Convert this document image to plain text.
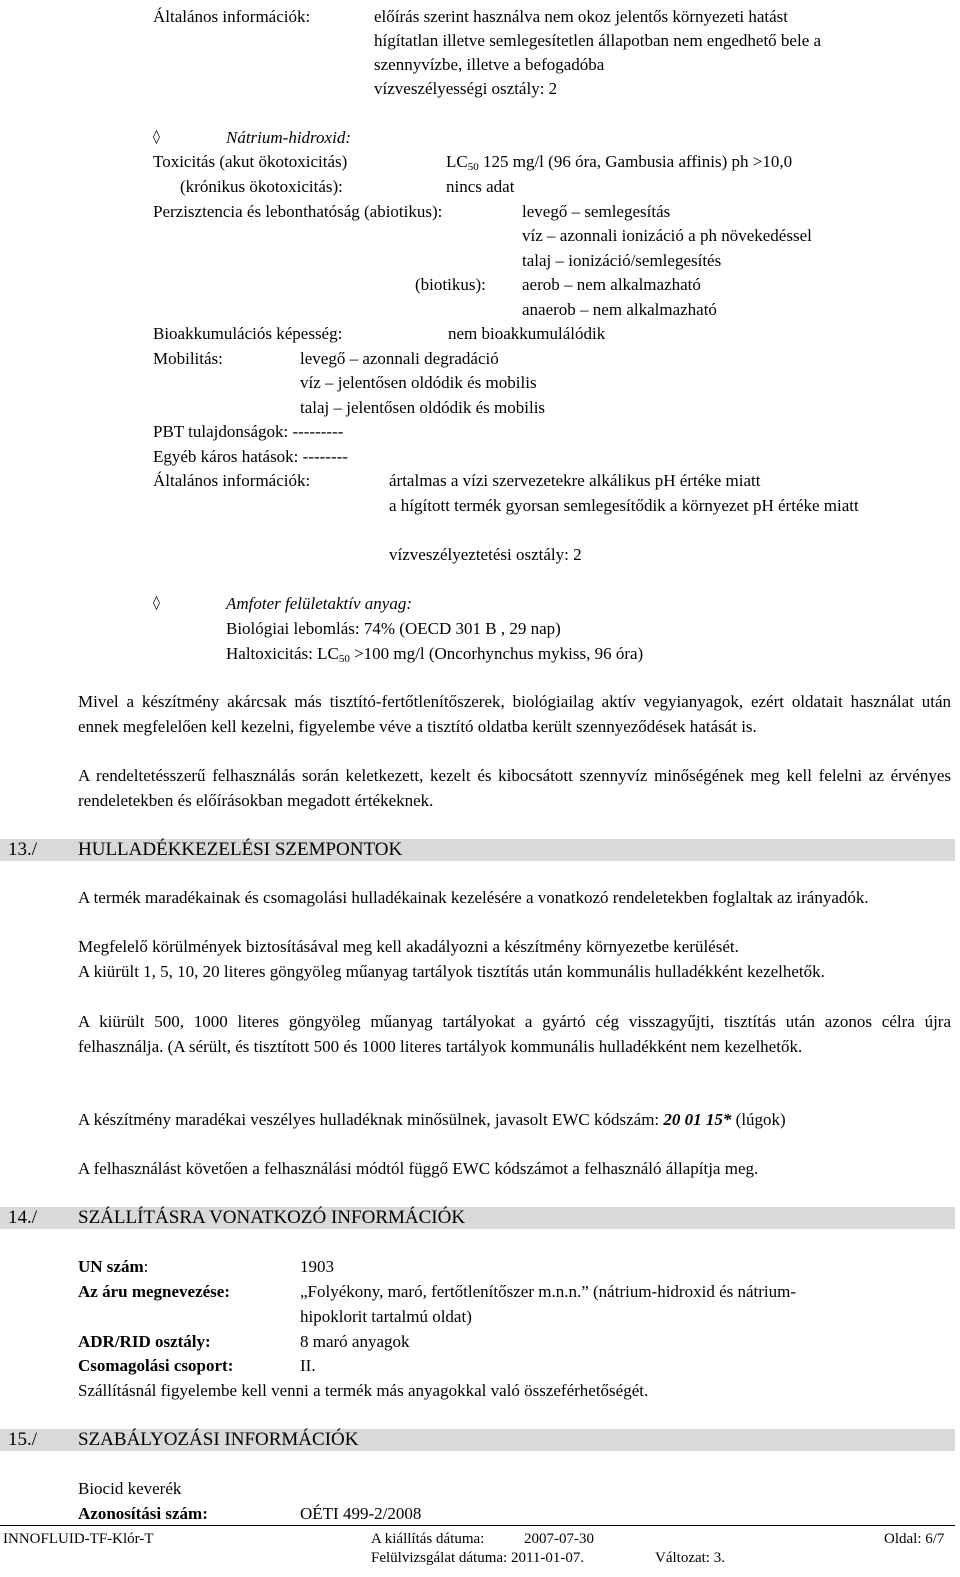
Általános információk:	előírás szerint használva nem okoz jelentős környezeti hatást
hígítatlan illetve semlegesítetlen állapotban nem engedhető bele a
szennyvízbe, illetve a befogadóba
vízveszélyességi osztály: 2
◊	Nátrium-hidroxid:
Toxicitás (akut ökotoxicitás)	$LC_{50}$ 125 mg/l (96 óra, Gambusia affinis) ph >10,0
(krónikus ökotoxicitás):	nincs adat
Perzisztencia és lebonthatóság (abiotikus):	levegő – semlegesítás
víz – azonnali ionizáció a ph növekedéssel
talaj – ionizáció/semlegesítés
(biotikus): aerob – nem alkalmazható
anaerob – nem alkalmazható
Bioakkumulációs képesség:	nem bioakkumulálódik
Mobilitás:	levegő – azonnali degradáció
víz – jelentősen oldódik és mobilis
talaj – jelentősen oldódik és mobilis
PBT tulajdonságok: ---------
Egyéb káros hatások: --------
Általános információk:	ártalmas a vízi szervezetekre alkálikus pH értéke miatt
a hígított termék gyorsan semlegesítődik a környezet pH értéke miatt
vízveszélyeztetési osztály: 2
◊	Amfoter felületaktív anyag:
Biológiai lebomlás: 74% (OECD 301 B , 29 nap)
Haltoxicitás: $LC_{50} >100$ mg/l (Oncorhynchus mykiss, 96 óra)
Mivel a készítmény akárcsak más tisztító-fertőtlenítőszerek, biológiailag aktív vegyianyagok, ezért oldatait használat után ennek megfelelően kell kezelni, figyelembe véve a tisztító oldatba került szennyeződések hatását is.
A rendeltetésszerű felhasználás során keletkezett, kezelt és kibocsátott szennyvíz minőségének meg kell felelni az érvényes rendeletekben és előírásokban megadott értékeknek.
13./ HULLADÉKKEZELÉSI SZEMPONTOK
A termék maradékainak és csomagolási hulladékainak kezelésére a vonatkozó rendeletekben foglaltak az irányadók.
Megfelelő körülmények biztosításával meg kell akadályozni a készítmény környezetbe kerülését.
A kiürült 1, 5, 10, 20 literes göngyöleg műanyag tartályok tisztítás után kommunális hulladékként kezelhetők.
A kiürült 500, 1000 literes göngyöleg műanyag tartályokat a gyártó cég visszagyűjti, tisztítás után azonos célra újra felhasználja. (A sérült, és tisztított 500 és 1000 literes tartályok kommunális hulladékként nem kezelhetők.
A készítmény maradékai veszélyes hulladéknak minősülnek, javasolt EWC kódszám: 20 01 15* (lúgok)
A felhasználást követően a felhasználási módtól függő EWC kódszámot a felhasználó állapítja meg.
14./ SZÁLLÍTÁSRA VONATKOZÓ INFORMÁCIÓK
UN szám:	1903
Az áru megnevezése:	„Folyékony, maró, fertőtlenítőszer m.n.n.” (nátrium-hidroxid és nátrium-
hipoklorit tartalmú oldat)
ADR/RID osztály:	8 maró anyagok
Csomagolási csoport:	II.
Szállításnál figyelembe kell venni a termék más anyagokkal való összeférhetőségét.
15./ SZABÁLYOZÁSI INFORMÁCIÓK
Biocid keverék
Azonosítási szám:	OÉTI 499-2/2008
INNOFLUID-TF-Klór-T	A kiállítás dátuma:	2007-07-30	Oldal: 6/7
Felülvizsgálat dátuma: 2011-01-07.	Változat: 3.
